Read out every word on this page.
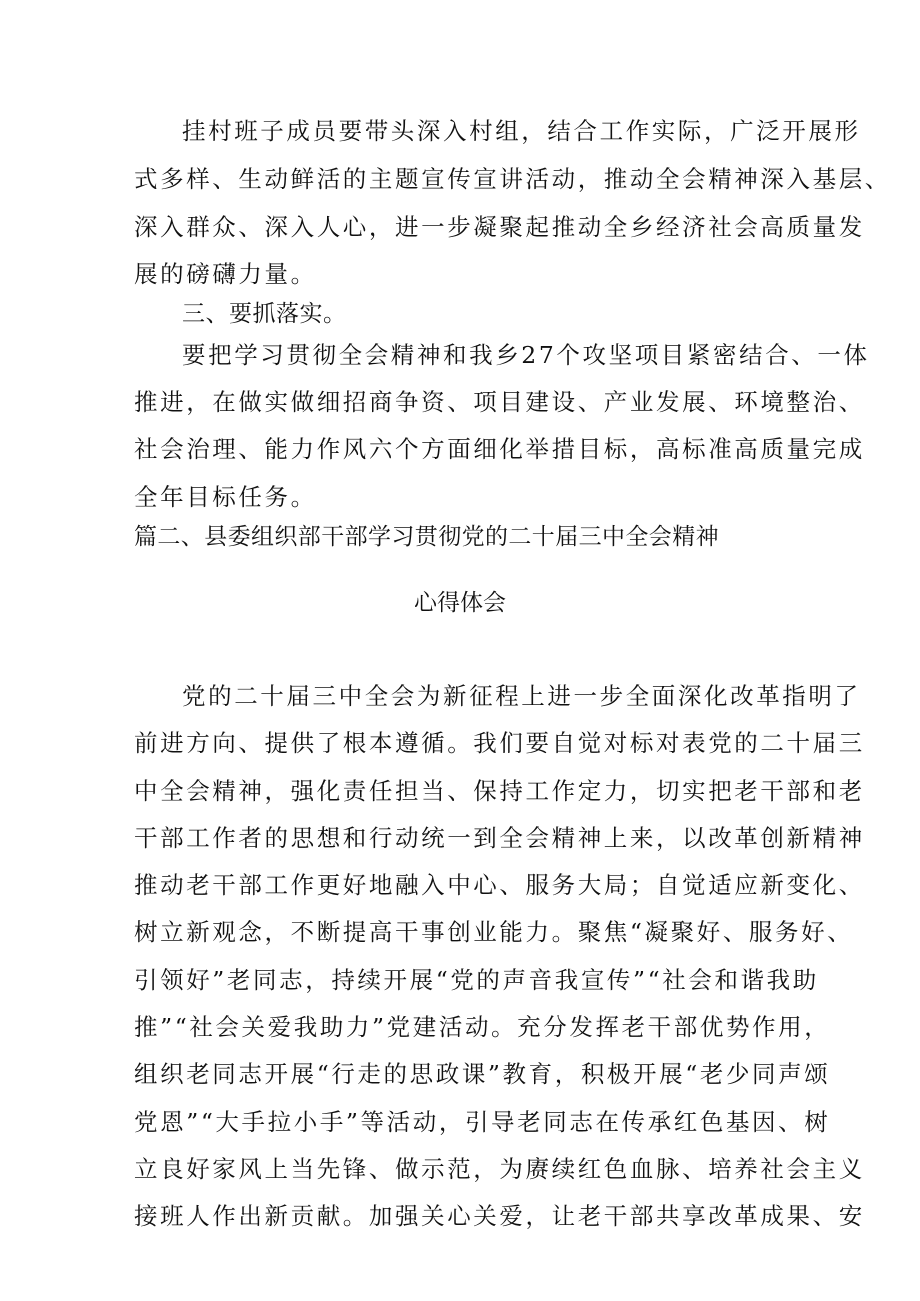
挂村班子成员要带头深入村组，结合工作实际，广泛开展形
式多样、生动鲜活的主题宣传宣讲活动，推动全会精神深入基层、
深入群众、深入人心，进一步凝聚起推动全乡经济社会高质量发
展的磅礴力量。
三、要抓落实。
要把学习贯彻全会精神和我乡27个攻坚项目紧密结合、一体
推进，在做实做细招商争资、项目建设、产业发展、环境整治、
社会治理、能力作风六个方面细化举措目标，高标准高质量完成
全年目标任务。
篇二、县委组织部干部学习贯彻党的二十届三中全会精神
心得体会
党的二十届三中全会为新征程上进一步全面深化改革指明了
前进方向、提供了根本遵循。我们要自觉对标对表党的二十届三
中全会精神，强化责任担当、保持工作定力，切实把老干部和老
干部工作者的思想和行动统一到全会精神上来，以改革创新精神
推动老干部工作更好地融入中心、服务大局；自觉适应新变化、
树立新观念，不断提高干事创业能力。聚焦“凝聚好、服务好、
引领好”老同志，持续开展“党的声音我宣传”“社会和谐我助
推”“社会关爱我助力”党建活动。充分发挥老干部优势作用，
组织老同志开展“行走的思政课”教育，积极开展“老少同声颂
党恩”“大手拉小手”等活动，引导老同志在传承红色基因、树
立良好家风上当先锋、做示范，为赓续红色血脉、培养社会主义
接班人作出新贡献。加强关心关爱，让老干部共享改革成果、安
